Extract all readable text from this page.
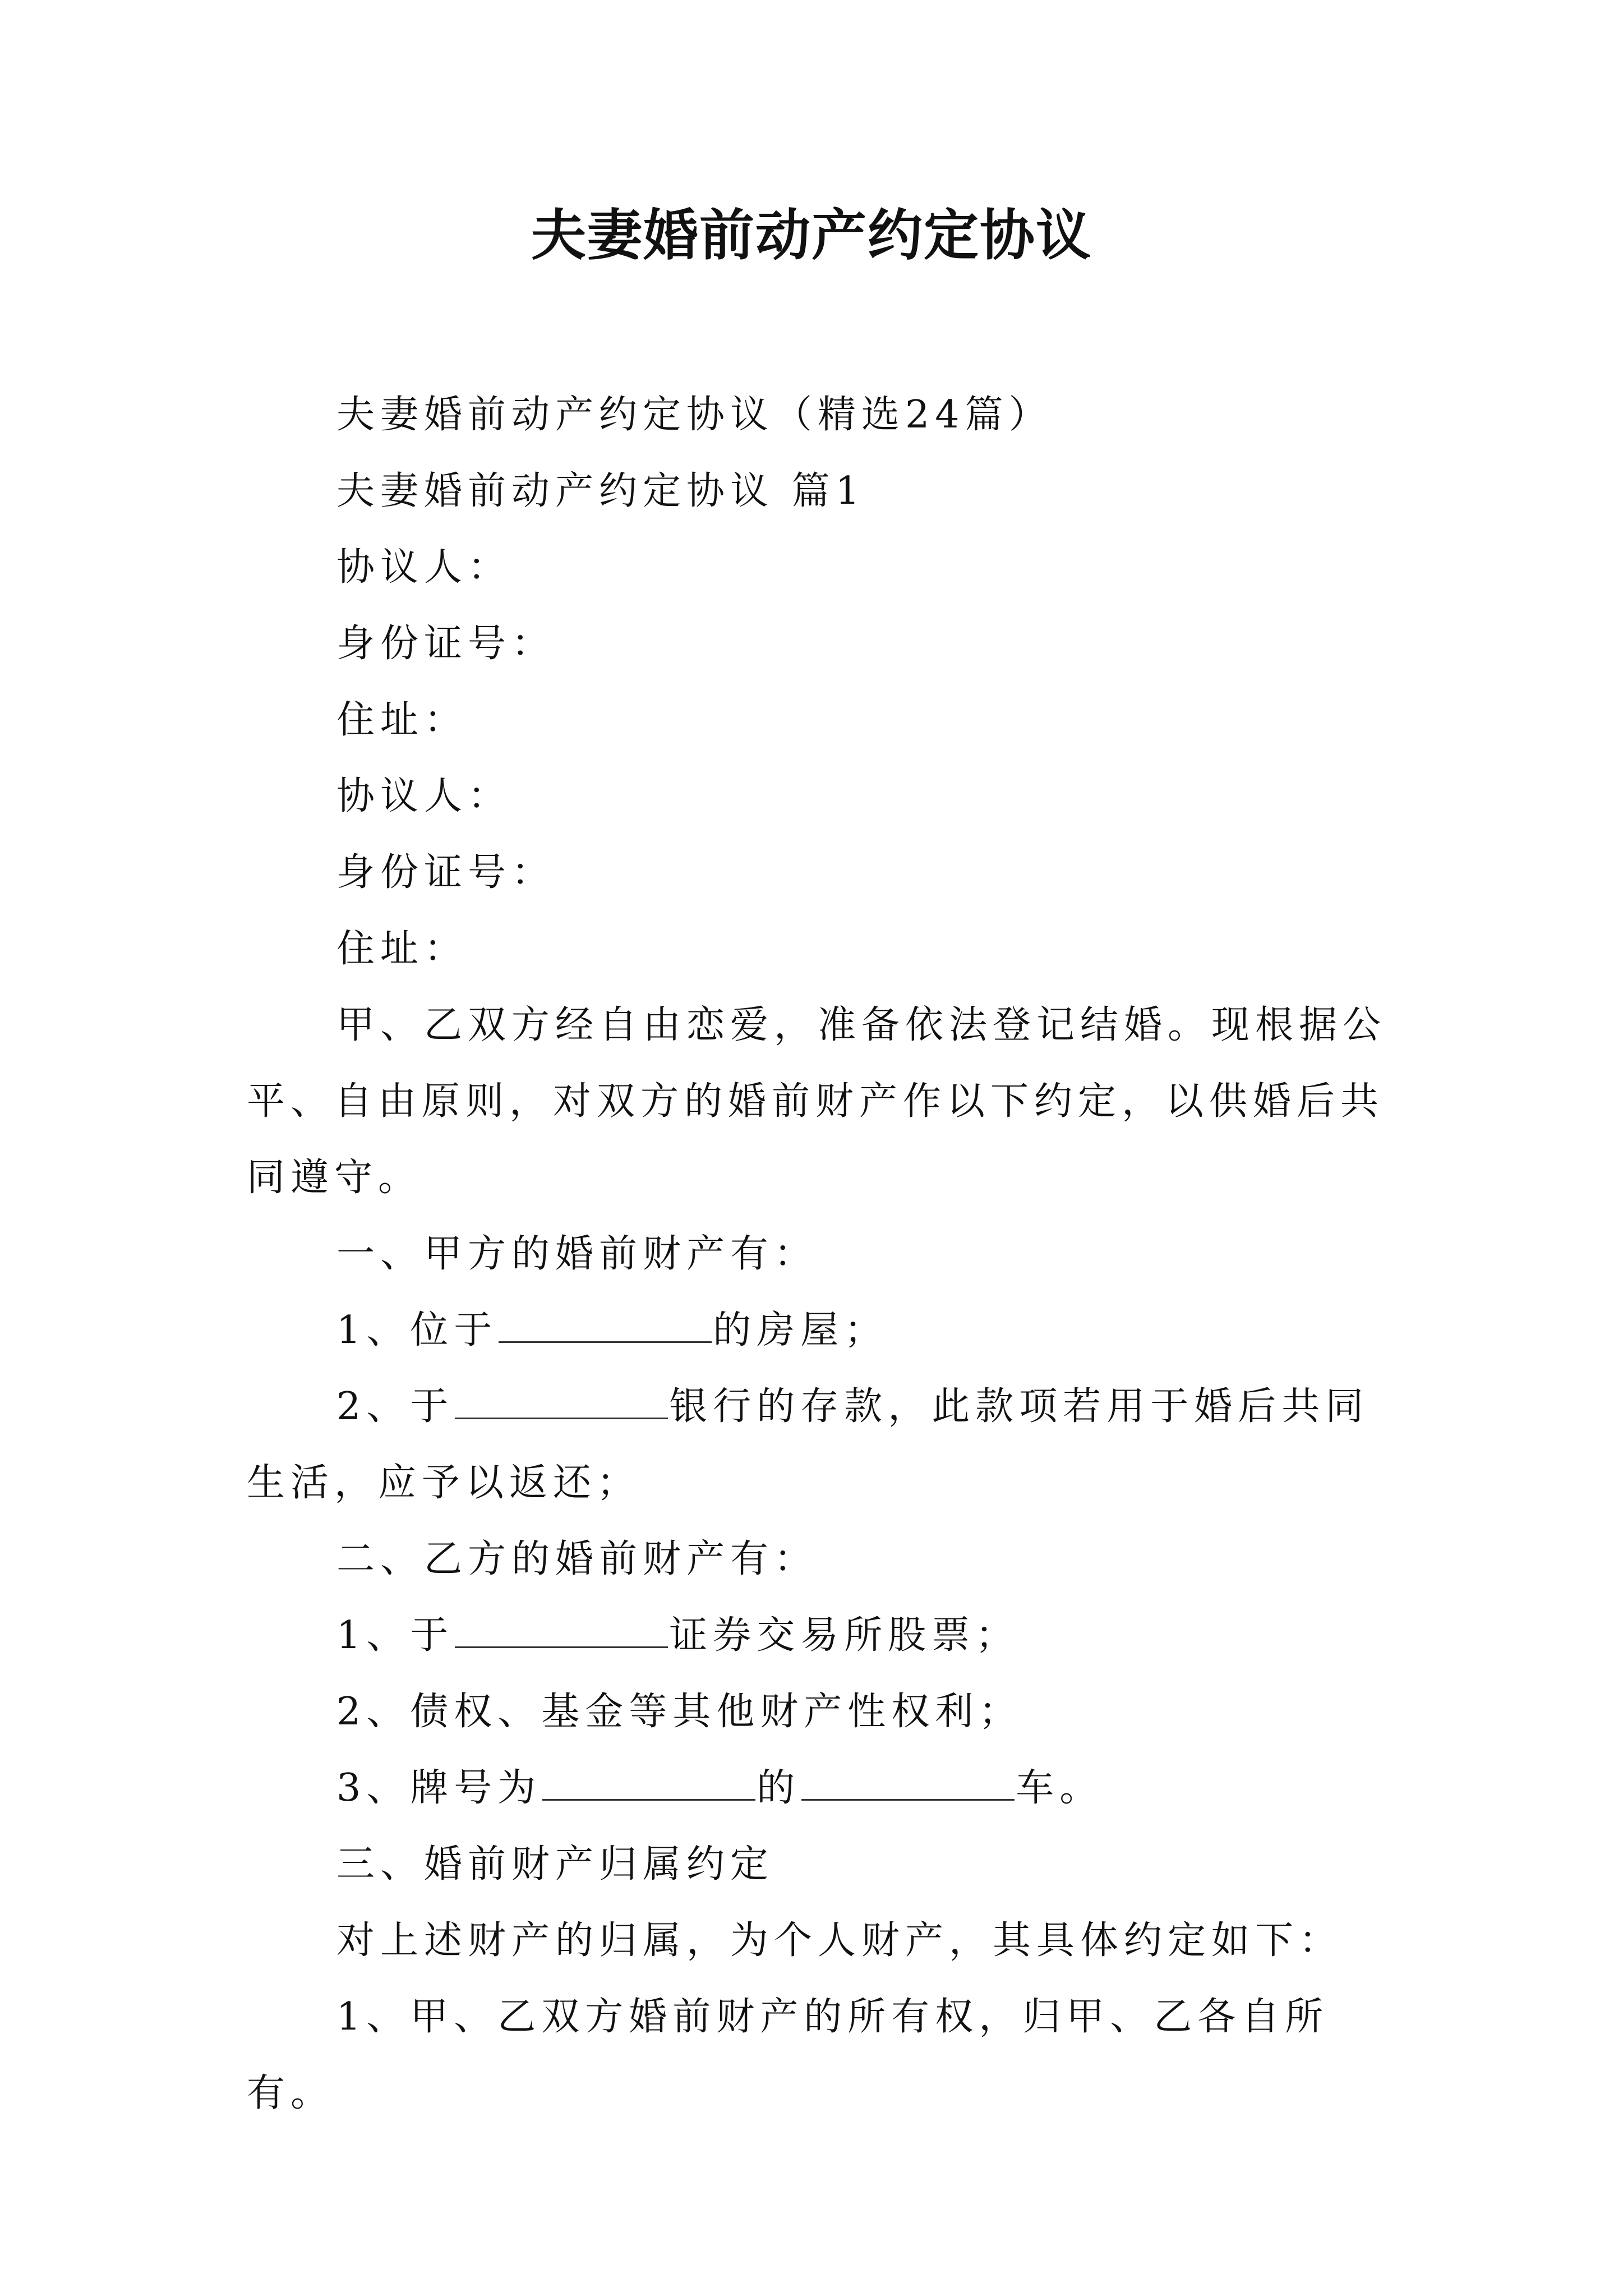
夫妻婚前动产约定协议

夫妻婚前动产约定协议（精选24篇）

夫妻婚前动产约定协议 篇1

协议人：

身份证号：

住址：

协议人：

身份证号：

住址：

甲、乙双方经自由恋爱，准备依法登记结婚。现根据公平、自由原则，对双方的婚前财产作以下约定，以供婚后共同遵守。

一、甲方的婚前财产有：

1、位于	的房屋；

2、于	银行的存款，此款项若用于婚后共同生活，应予以返还；

二、乙方的婚前财产有：

1、于	证券交易所股票；

2、债权、基金等其他财产性权利；

3、牌号为	的	车。

三、婚前财产归属约定

对上述财产的归属，为个人财产，其具体约定如下：

1、甲、乙双方婚前财产的所有权，归甲、乙各自所有。
